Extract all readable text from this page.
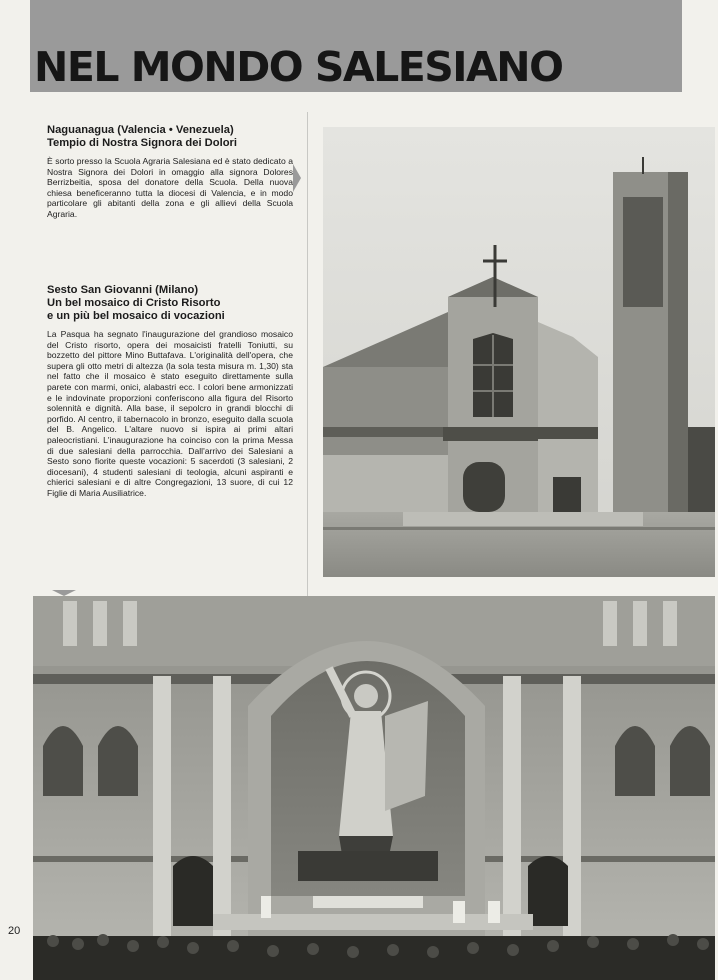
NEL MONDO SALESIANO
Naguanagua (Valencia • Venezuela)
Tempio di Nostra Signora dei Dolori

È sorto presso la Scuola Agraria Salesiana ed è stato dedicato a Nostra Signora dei Dolori in omaggio alla signora Dolores Berrizbeitia, sposa del donatore della Scuola. Della nuova chiesa beneficeranno tutta la diocesi di Valencia, e in modo particolare gli abitanti della zona e gli allievi della Scuola Agraria.

Sesto San Giovanni (Milano)
Un bel mosaico di Cristo Risorto
e un più bel mosaico di vocazioni

La Pasqua ha segnato l'inaugurazione del grandioso mosaico del Cristo risorto, opera dei mosaicisti fratelli Toniutti, su bozzetto del pittore Mino Buttafava. L'originalità dell'opera, che supera gli otto metri di altezza (la sola testa misura m. 1,30) sta nel fatto che il mosaico è stato eseguito direttamente sulla parete con marmi, onici, alabastri ecc. I colori bene armonizzati e le indovinate proporzioni conferiscono alla figura del Risorto solennità e dignità. Alla base, il sepolcro in grandi blocchi di porfido. Al centro, il tabernacolo in bronzo, eseguito dalla scuola del B. Angelico. L'altare nuovo si ispira ai primi altari paleocristiani. L'inaugurazione ha coinciso con la prima Messa di due salesiani della parrocchia. Dall'arrivo dei Salesiani a Sesto sono fiorite queste vocazioni: 5 sacerdoti (3 salesiani, 2 diocesani), 4 studenti salesiani di teologia, alcuni aspiranti e chierici salesiani e di altre Congregazioni, 13 suore, di cui 12 Figlie di Maria Ausiliatrice.

20
